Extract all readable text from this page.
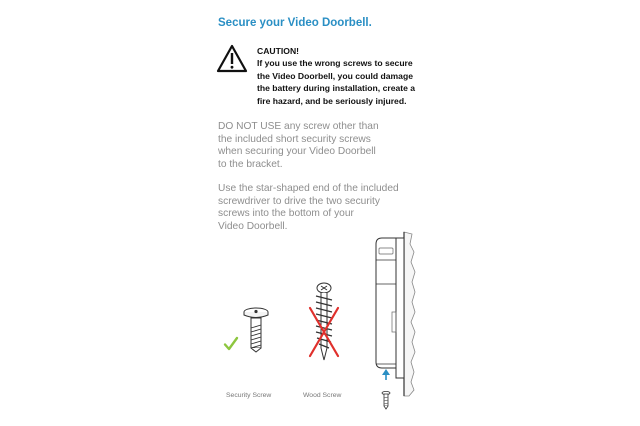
Secure your Video Doorbell.
CAUTION!
If you use the wrong screws to secure
the Video Doorbell, you could damage
the battery during installation, create a
fire hazard, and be seriously injured.
DO NOT USE any screw other than
the included short security screws
when securing your Video Doorbell
to the bracket.
Use the star-shaped end of the included
screwdriver to drive the two security
screws into the bottom of your
Video Doorbell.
Security Screw	Wood Screw
